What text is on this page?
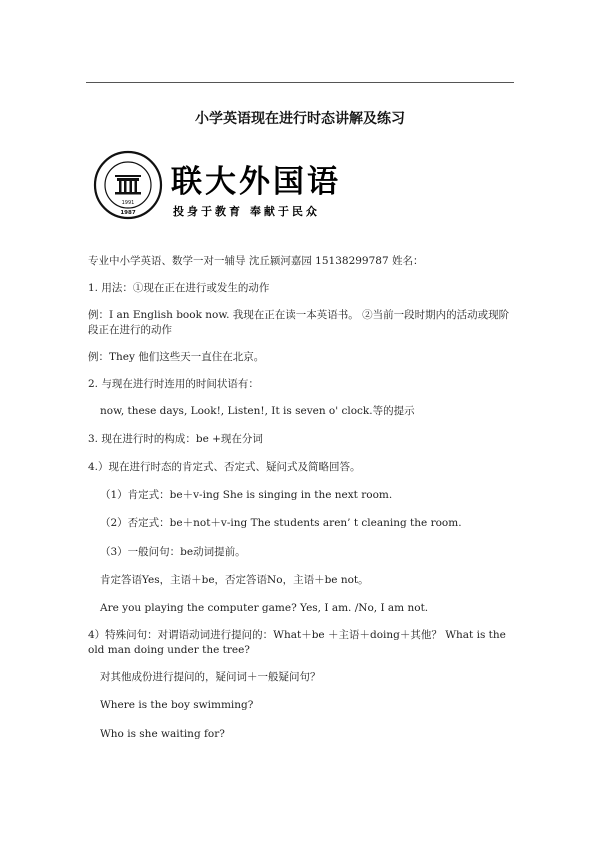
小学英语现在进行时态讲解及练习
1991
1987
联大外国语
投身于教育 奉献于民众
专业中小学英语、数学一对一辅导 沈丘颍河嘉园 15138299787 姓名：
1. 用法：①现在正在进行或发生的动作
例：I an English book now. 我现在正在读一本英语书。 ②当前一段时期内的活动或现阶段正在进行的动作
例：They 他们这些天一直住在北京。
2. 与现在进行时连用的时间状语有：
now, these days, Look!, Listen!, It is seven o' clock.等的提示
3. 现在进行时的构成：be +现在分词
4.）现在进行时态的肯定式、否定式、疑问式及简略回答。
（1）肯定式：be＋v-ing She is singing in the next room.
（2）否定式：be＋not＋v-ing The students aren’ t cleaning the room.
（3）一般问句：be动词提前。
肯定答语Yes，主语＋be，否定答语No，主语＋be not。
Are you playing the computer game? Yes, I am. /No, I am not.
4）特殊问句：对谓语动词进行提问的：What＋be ＋主语＋doing＋其他？ What is the old man doing under the tree?
对其他成份进行提问的，疑问词＋一般疑问句？
Where is the boy swimming?
Who is she waiting for?
